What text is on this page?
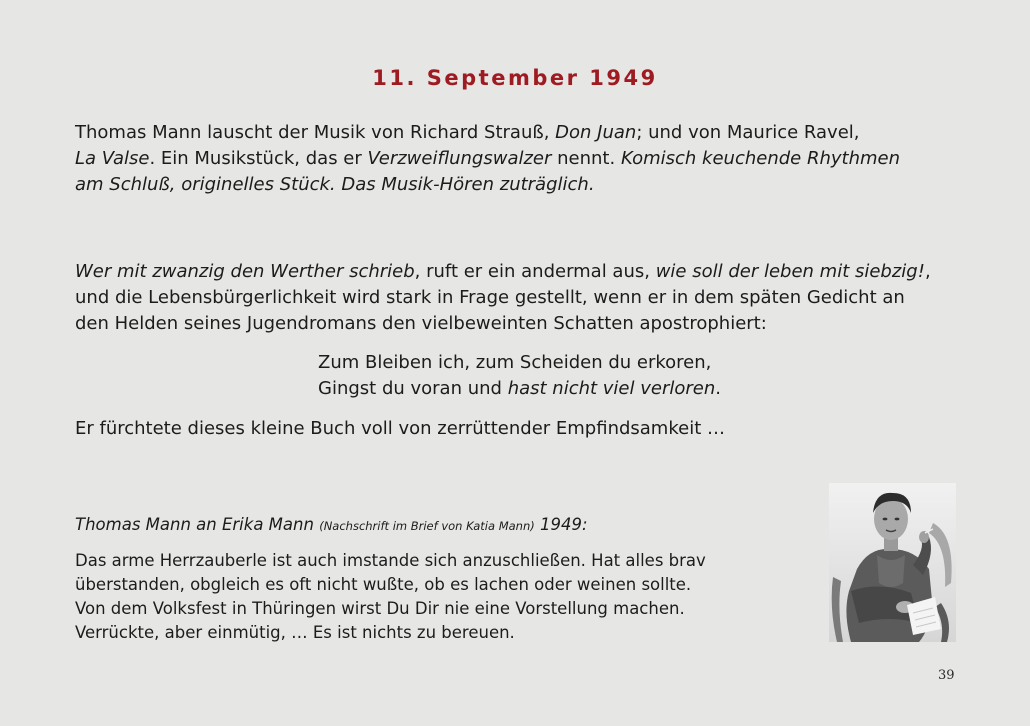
11. September 1949
Thomas Mann lauscht der Musik von Richard Strauß, Don Juan; und von Maurice Ravel,
La Valse. Ein Musikstück, das er Verzweiflungswalzer nennt. Komisch keuchende Rhythmen
am Schluß, originelles Stück. Das Musik-Hören zuträglich.
Wer mit zwanzig den Werther schrieb, ruft er ein andermal aus, wie soll der leben mit siebzig!,
und die Lebensbürgerlichkeit wird stark in Frage gestellt, wenn er in dem späten Gedicht an
den Helden seines Jugendromans den vielbeweinten Schatten apostrophiert:
Zum Bleiben ich, zum Scheiden du erkoren,
Gingst du voran und hast nicht viel verloren.
Er fürchtete dieses kleine Buch voll von zerrüttender Empfindsamkeit …
Thomas Mann an Erika Mann (Nachschrift im Brief von Katia Mann) 1949:
Das arme Herrzauberle ist auch imstande sich anzuschließen. Hat alles brav
überstanden, obgleich es oft nicht wußte, ob es lachen oder weinen sollte.
Von dem Volksfest in Thüringen wirst Du Dir nie eine Vorstellung machen.
Verrückte, aber einmütig, … Es ist nichts zu bereuen.
39
